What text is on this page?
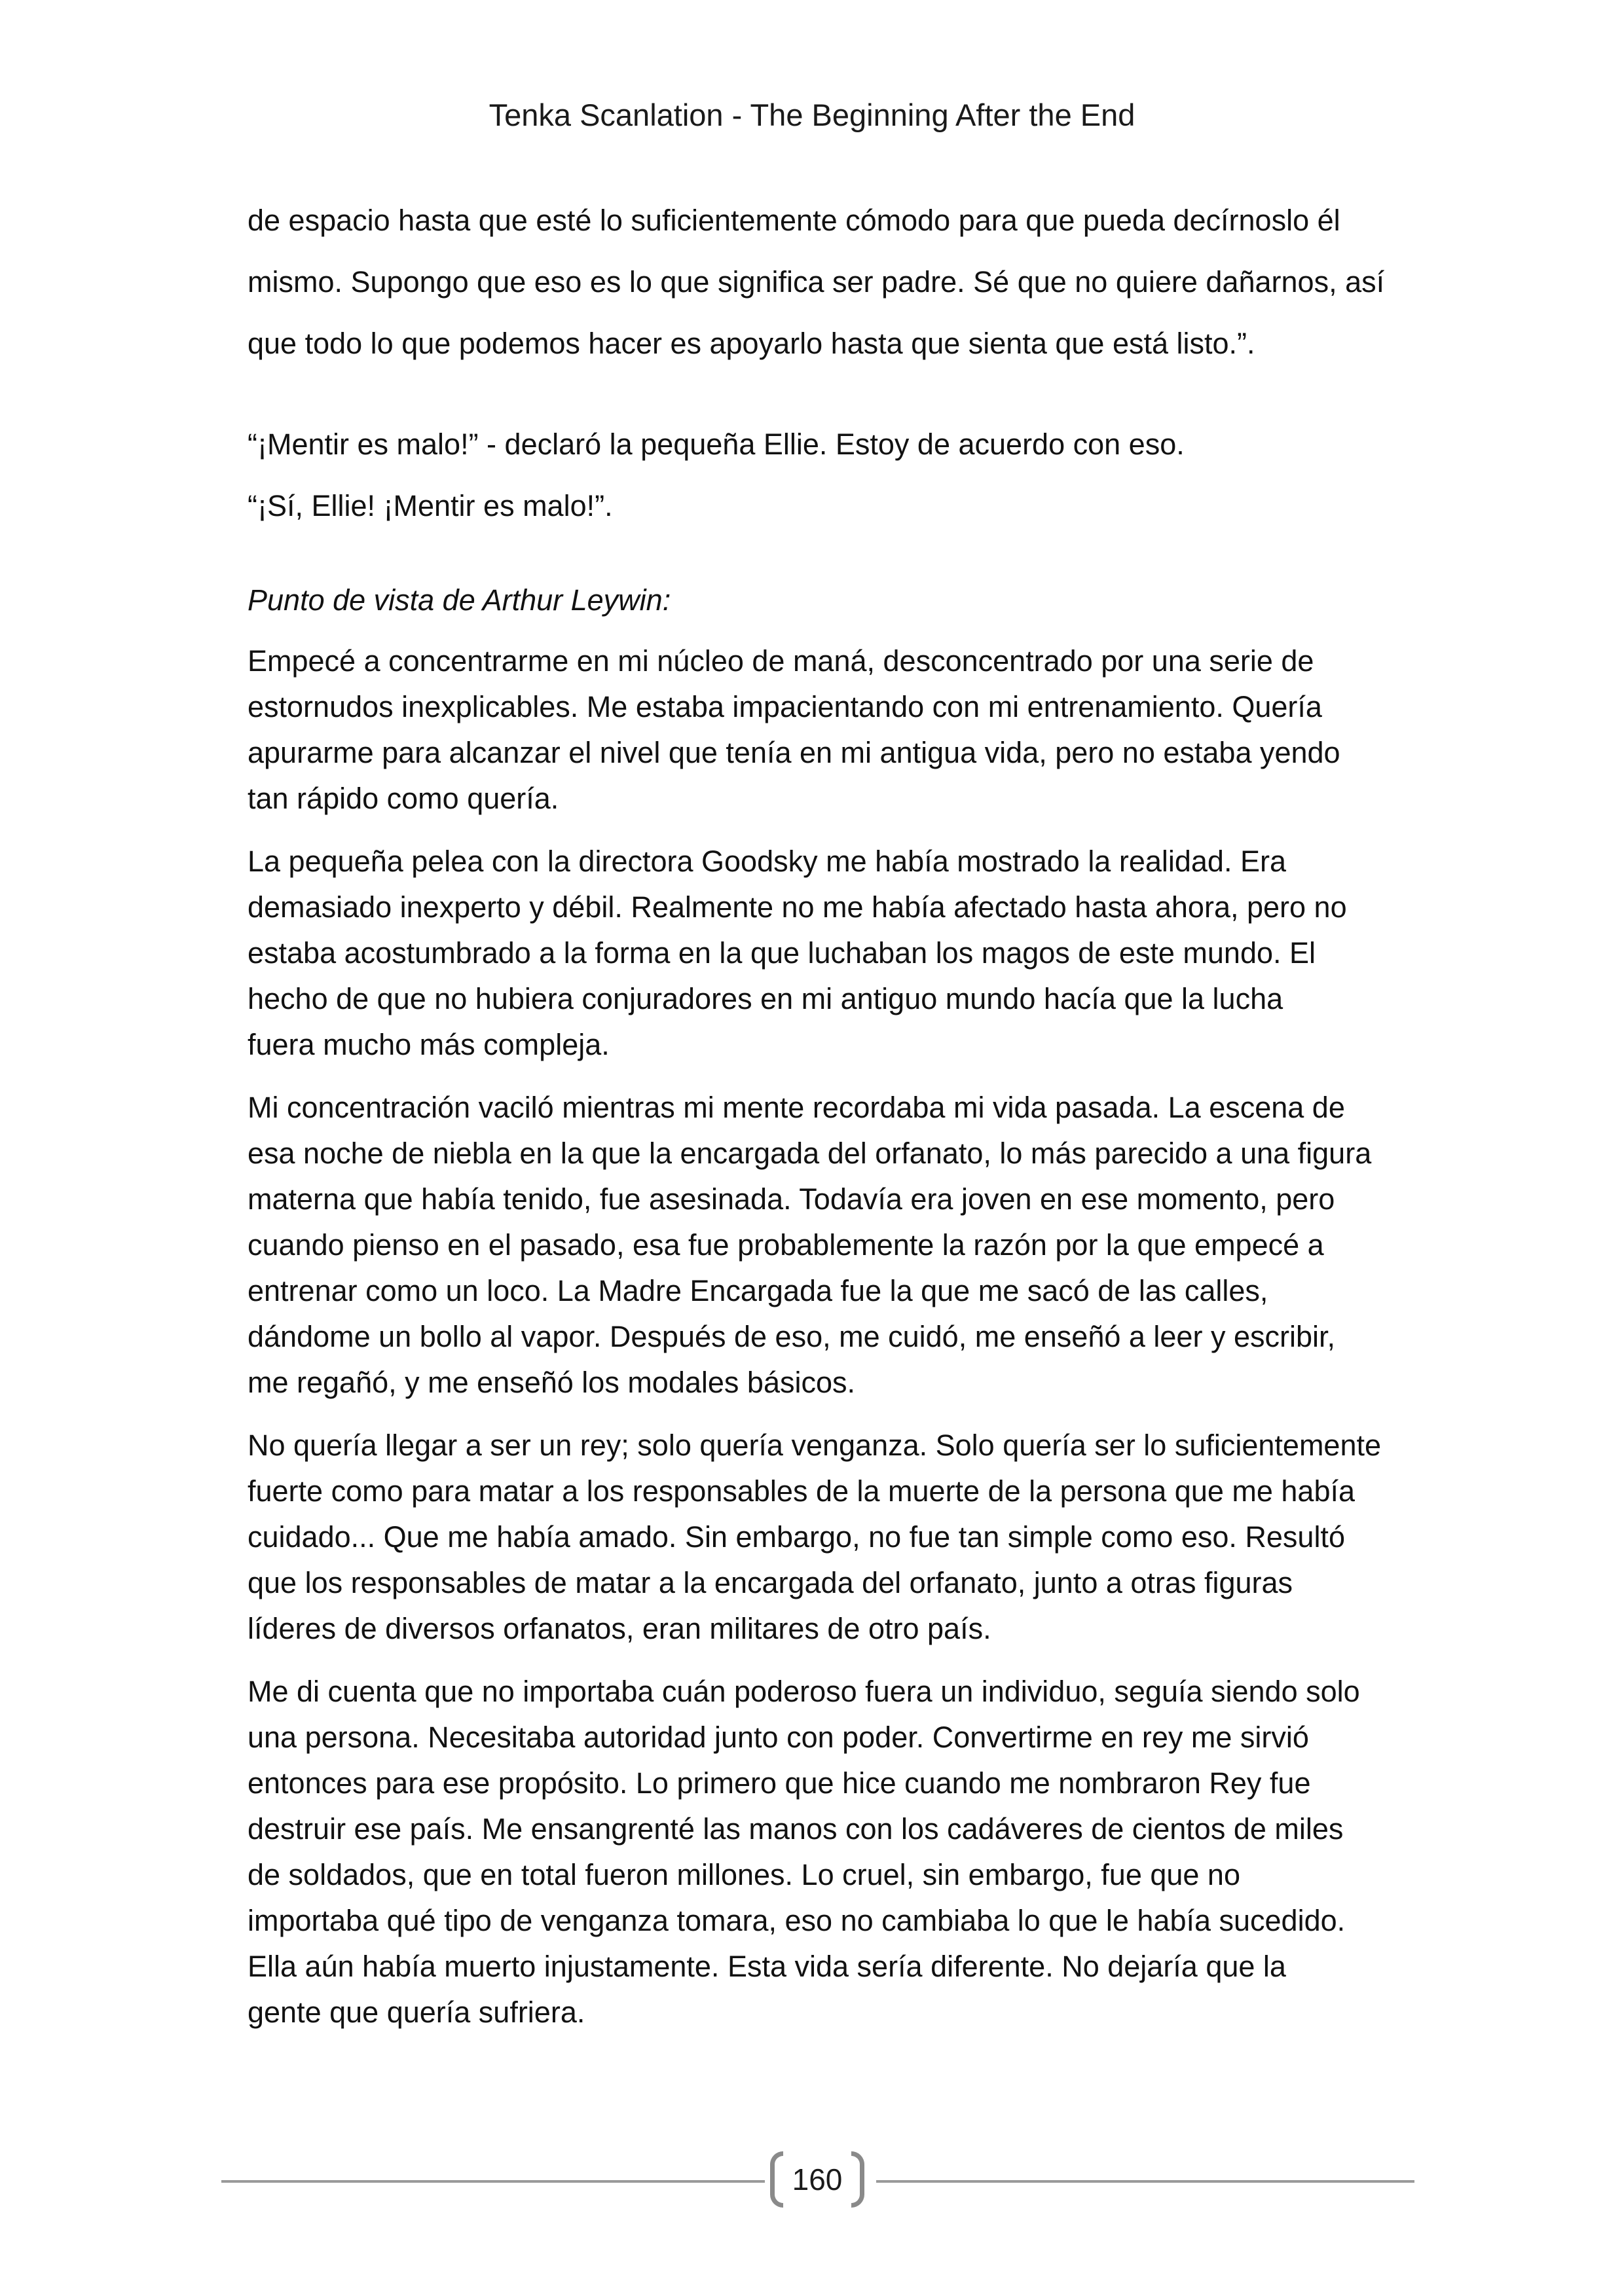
Tenka Scanlation - The Beginning After the End
de espacio hasta que esté lo suficientemente cómodo para que pueda decírnoslo él
mismo. Supongo que eso es lo que significa ser padre. Sé que no quiere dañarnos, así
que todo lo que podemos hacer es apoyarlo hasta que sienta que está listo.”.
“¡Mentir es malo!” - declaró la pequeña Ellie. Estoy de acuerdo con eso.
“¡Sí, Ellie! ¡Mentir es malo!”.
Punto de vista de Arthur Leywin:
Empecé a concentrarme en mi núcleo de maná, desconcentrado por una serie de
estornudos inexplicables. Me estaba impacientando con mi entrenamiento. Quería
apurarme para alcanzar el nivel que tenía en mi antigua vida, pero no estaba yendo
tan rápido como quería.
La pequeña pelea con la directora Goodsky me había mostrado la realidad. Era
demasiado inexperto y débil. Realmente no me había afectado hasta ahora, pero no
estaba acostumbrado a la forma en la que luchaban los magos de este mundo. El
hecho de que no hubiera conjuradores en mi antiguo mundo hacía que la lucha
fuera mucho más compleja.
Mi concentración vaciló mientras mi mente recordaba mi vida pasada. La escena de
esa noche de niebla en la que la encargada del orfanato, lo más parecido a una figura
materna que había tenido, fue asesinada. Todavía era joven en ese momento, pero
cuando pienso en el pasado, esa fue probablemente la razón por la que empecé a
entrenar como un loco. La Madre Encargada fue la que me sacó de las calles,
dándome un bollo al vapor. Después de eso, me cuidó, me enseñó a leer y escribir,
me regañó, y me enseñó los modales básicos.
No quería llegar a ser un rey; solo quería venganza. Solo quería ser lo suficientemente
fuerte como para matar a los responsables de la muerte de la persona que me había
cuidado... Que me había amado. Sin embargo, no fue tan simple como eso. Resultó
que los responsables de matar a la encargada del orfanato, junto a otras figuras
líderes de diversos orfanatos, eran militares de otro país.
Me di cuenta que no importaba cuán poderoso fuera un individuo, seguía siendo solo
una persona. Necesitaba autoridad junto con poder. Convertirme en rey me sirvió
entonces para ese propósito. Lo primero que hice cuando me nombraron Rey fue
destruir ese país. Me ensangrenté las manos con los cadáveres de cientos de miles
de soldados, que en total fueron millones. Lo cruel, sin embargo, fue que no
importaba qué tipo de venganza tomara, eso no cambiaba lo que le había sucedido.
Ella aún había muerto injustamente. Esta vida sería diferente. No dejaría que la
gente que quería sufriera.
160
